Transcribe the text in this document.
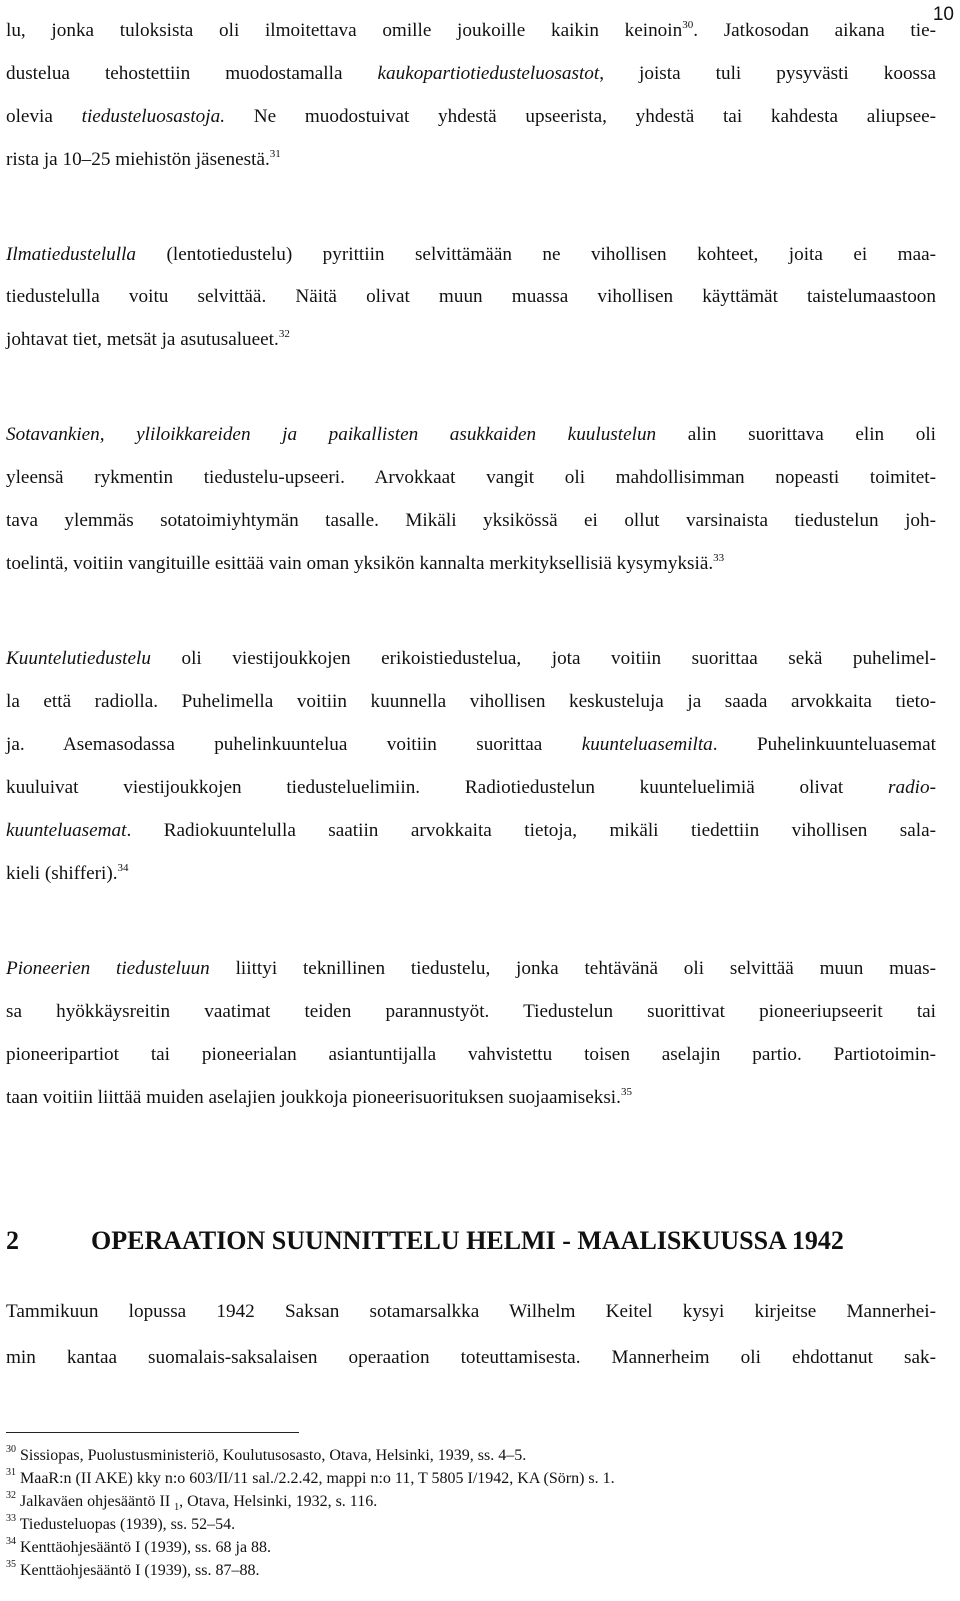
10
lu, jonka tuloksista oli ilmoitettava omille joukoille kaikin keinoin$^{30}$. Jatkosodan aikana tie-
dustelua tehostettiin muodostamalla kaukopartiotiedusteluosastot, joista tuli pysyvästi koossa
olevia tiedusteluosastoja. Ne muodostuivat yhdestä upseerista, yhdestä tai kahdesta aliupsee-
rista ja 10–25 miehistön jäsenestä.$^{31}$
Ilmatiedustelulla (lentotiedustelu) pyrittiin selvittämään ne vihollisen kohteet, joita ei maa-
tiedustelulla voitu selvittää. Näitä olivat muun muassa vihollisen käyttämät taistelumaastoon
johtavat tiet, metsät ja asutusalueet.$^{32}$
Sotavankien, yliloikkareiden ja paikallisten asukkaiden kuulustelun alin suorittava elin oli
yleensä rykmentin tiedustelu-upseeri. Arvokkaat vangit oli mahdollisimman nopeasti toimitet-
tava ylemmäs sotatoimiyhtymän tasalle. Mikäli yksikössä ei ollut varsinaista tiedustelun joh-
toelintä, voitiin vangituille esittää vain oman yksikön kannalta merkityksellisiä kysymyksiä.$^{33}$
Kuuntelutiedustelu oli viestijoukkojen erikoistiedustelua, jota voitiin suorittaa sekä puhelimel-
la että radiolla. Puhelimella voitiin kuunnella vihollisen keskusteluja ja saada arvokkaita tieto-
ja. Asemasodassa puhelinkuuntelua voitiin suorittaa kuunteluasemilta. Puhelinkuunteluasemat
kuuluivat viestijoukkojen tiedusteluelimiin. Radiotiedustelun kuunteluelimiä olivat radio-
kuunteluasemat. Radiokuuntelulla saatiin arvokkaita tietoja, mikäli tiedettiin vihollisen sala-
kieli (shifferi).$^{34}$
Pioneerien tiedusteluun liittyi teknillinen tiedustelu, jonka tehtävänä oli selvittää muun muas-
sa hyökkäysreitin vaatimat teiden parannustyöt. Tiedustelun suorittivat pioneeriupseerit tai
pioneeripartiot tai pioneerialan asiantuntijalla vahvistettu toisen aselajin partio. Partiotoimin-
taan voitiin liittää muiden aselajien joukkoja pioneerisuorituksen suojaamiseksi.$^{35}$
2	OPERAATION SUUNNITTELU HELMI - MAALISKUUSSA 1942
Tammikuun lopussa 1942 Saksan sotamarsalkka Wilhelm Keitel kysyi kirjeitse Mannerhei-
min kantaa suomalais-saksalaisen operaation toteuttamisesta. Mannerheim oli ehdottanut sak-
$^{30}$ Sissiopas, Puolustusministeriö, Koulutusosasto, Otava, Helsinki, 1939, ss. 4–5.
$^{31}$ MaaR:n (II AKE) kky n:o 603/II/11 sal./2.2.42, mappi n:o 11, T 5805 I/1942, KA (Sörn) s. 1.
$^{32}$ Jalkaväen ohjesääntö II $_1$, Otava, Helsinki, 1932, s. 116.
$^{33}$ Tiedusteluopas (1939), ss. 52–54.
$^{34}$ Kenttäohjesääntö I (1939), ss. 68 ja 88.
$^{35}$ Kenttäohjesääntö I (1939), ss. 87–88.
